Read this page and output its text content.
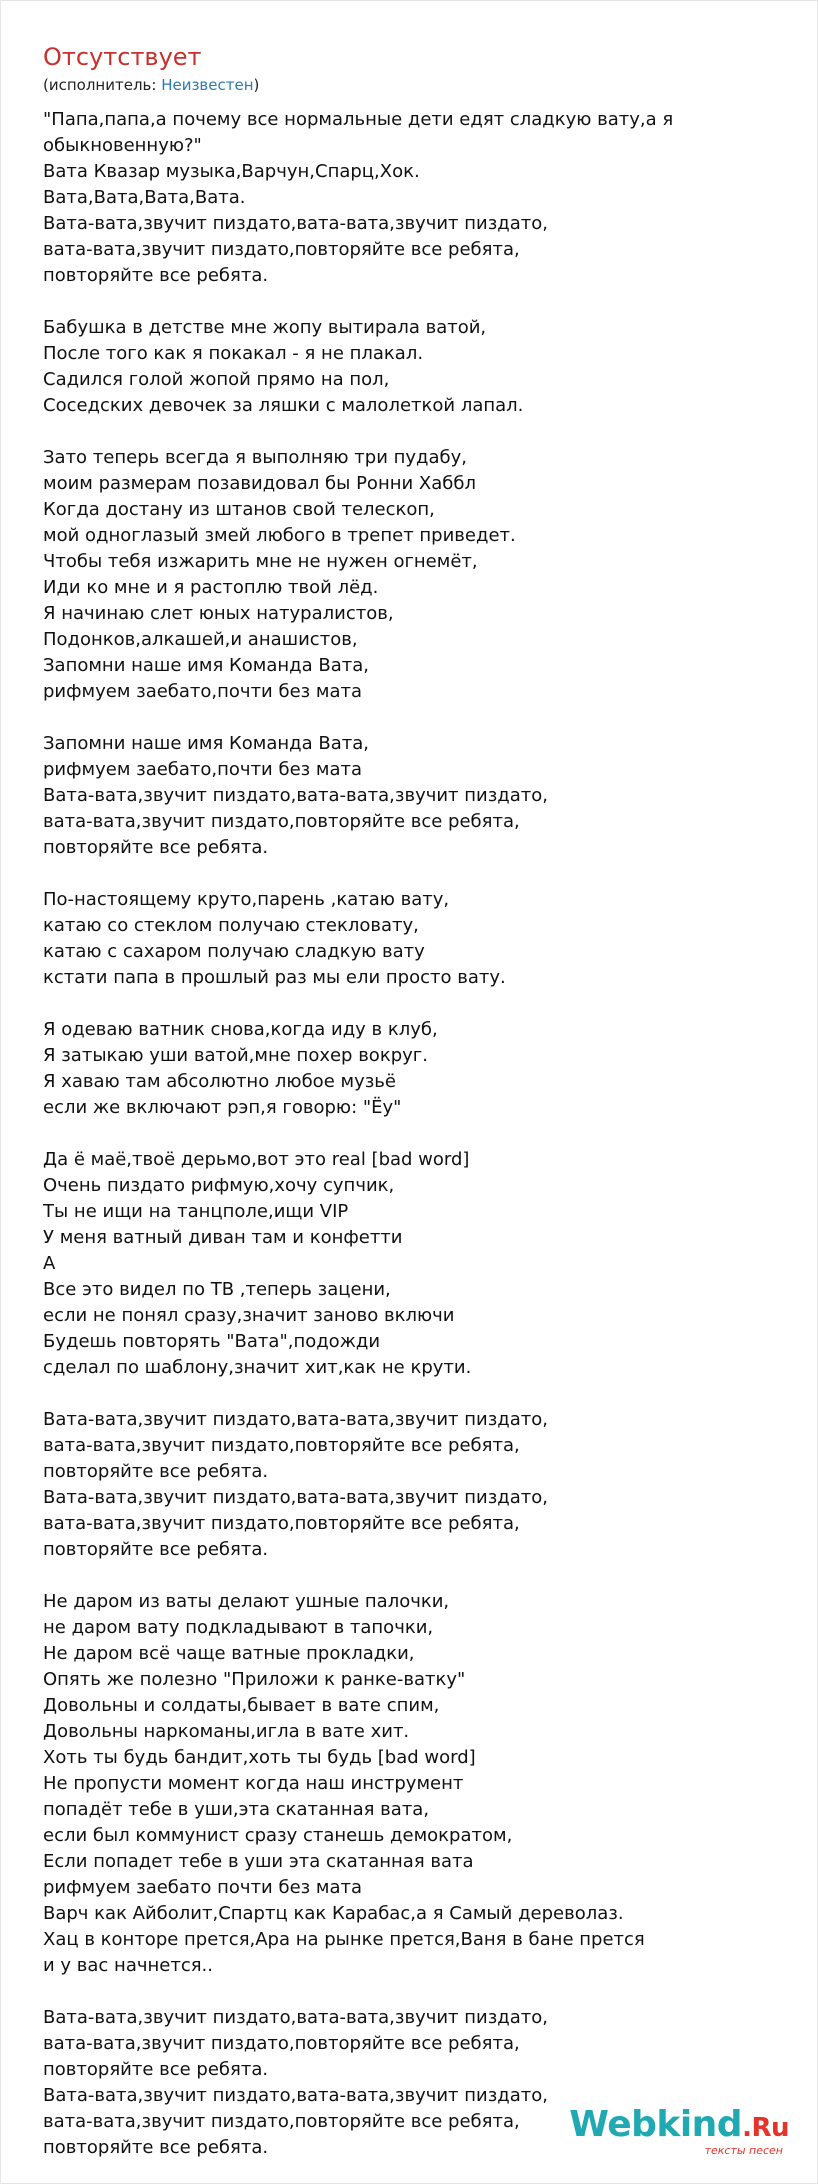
Отсутствует
(исполнитель: Неизвестен)
"Папа,папа,а почему все нормальные дети едят сладкую вату,а я обыкновенную?"
Вата Квазар музыка,Варчун,Спарц,Хок.
Вата,Вата,Вата,Вата.
Вата-вата,звучит пиздато,вата-вата,звучит пиздато,
вата-вата,звучит пиздато,повторяйте все ребята,
повторяйте все ребята.
Бабушка в детстве мне жопу вытирала ватой,
После того как я покакал - я не плакал.
Садился голой жопой прямо на пол,
Соседских девочек за ляшки с малолеткой лапал.
Зато теперь всегда я выполняю три пудабу,
моим размерам позавидовал бы Ронни Хаббл
Когда достану из штанов свой телескоп,
мой одноглазый змей любого в трепет приведет.
Чтобы тебя изжарить мне не нужен огнемёт,
Иди ко мне и я растоплю твой лёд.
Я начинаю слет юных натуралистов,
Подонков,алкашей,и анашистов,
Запомни наше имя Команда Вата,
рифмуем заебато,почти без мата
Запомни наше имя Команда Вата,
рифмуем заебато,почти без мата
Вата-вата,звучит пиздато,вата-вата,звучит пиздато,
вата-вата,звучит пиздато,повторяйте все ребята,
повторяйте все ребята.
По-настоящему круто,парень ,катаю вату,
катаю со стеклом получаю стекловату,
катаю с сахаром получаю сладкую вату
кстати папа в прошлый раз мы ели просто вату.
Я одеваю ватник снова,когда иду в клуб,
Я затыкаю уши ватой,мне похер вокруг.
Я хаваю там абсолютно любое музьё
если же включают рэп,я говорю: "Ёу"
Да ё маё,твоё дерьмо,вот это real [bad word]
Очень пиздато рифмую,хочу супчик,
Ты не ищи на танцполе,ищи VIP
У меня ватный диван там и конфетти
А
Все это видел по ТВ ,теперь зацени,
если не понял сразу,значит заново включи
Будешь повторять "Вата",подожди
сделал по шаблону,значит хит,как не крути.
Вата-вата,звучит пиздато,вата-вата,звучит пиздато,
вата-вата,звучит пиздато,повторяйте все ребята,
повторяйте все ребята.
Вата-вата,звучит пиздато,вата-вата,звучит пиздато,
вата-вата,звучит пиздато,повторяйте все ребята,
повторяйте все ребята.
Не даром из ваты делают ушные палочки,
не даром вату подкладывают в тапочки,
Не даром всё чаще ватные прокладки,
Опять же полезно "Приложи к ранке-ватку"
Довольны и солдаты,бывает в вате спим,
Довольны наркоманы,игла в вате хит.
Хоть ты будь бандит,хоть ты будь [bad word]
Не пропусти момент когда наш инструмент
попадёт тебе в уши,эта скатанная вата,
если был коммунист сразу станешь демократом,
Если попадет тебе в уши эта скатанная вата
рифмуем заебато почти без мата
Варч как Айболит,Спартц как Карабас,а я Самый дереволаз.
Хац в конторе прется,Ара на рынке прется,Ваня в бане прется
и у вас начнется..
Вата-вата,звучит пиздато,вата-вата,звучит пиздато,
вата-вата,звучит пиздато,повторяйте все ребята,
повторяйте все ребята.
Вата-вата,звучит пиздато,вата-вата,звучит пиздато,
вата-вата,звучит пиздато,повторяйте все ребята,
повторяйте все ребята.
Webkind.Ru
тексты песен
